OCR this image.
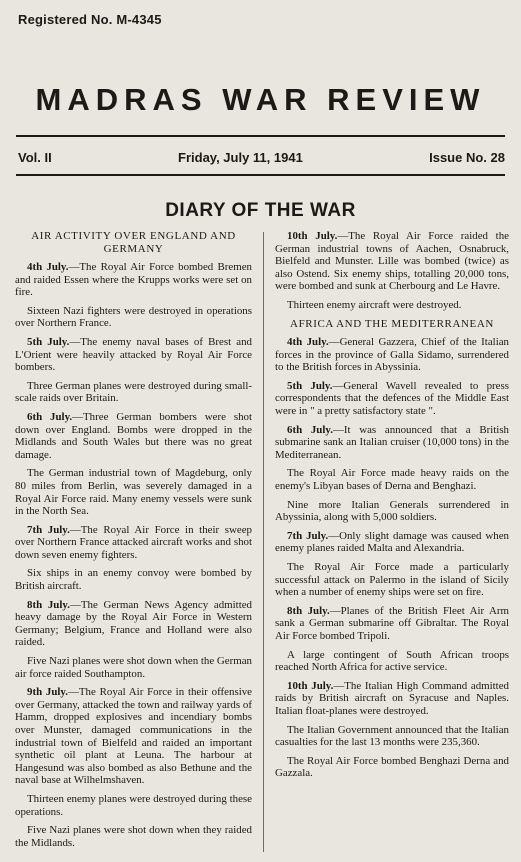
Registered No. M-4345
MADRAS WAR REVIEW
Vol. II	Friday, July 11, 1941	Issue No. 28
DIARY OF THE WAR
AIR ACTIVITY OVER ENGLAND AND GERMANY

4th July.—The Royal Air Force bombed Bremen and raided Essen where the Krupps works were set on fire.

Sixteen Nazi fighters were destroyed in operations over Northern France.

5th July.—The enemy naval bases of Brest and L'Orient were heavily attacked by Royal Air Force bombers.

Three German planes were destroyed during small-scale raids over Britain.

6th July.—Three German bombers were shot down over England. Bombs were dropped in the Midlands and South Wales but there was no great damage.

The German industrial town of Magdeburg, only 80 miles from Berlin, was severely damaged in a Royal Air Force raid. Many enemy vessels were sunk in the North Sea.

7th July.—The Royal Air Force in their sweep over Northern France attacked aircraft works and shot down seven enemy fighters.

Six ships in an enemy convoy were bombed by British aircraft.

8th July.—The German News Agency admitted heavy damage by the Royal Air Force in Western Germany; Belgium, France and Holland were also raided.

Five Nazi planes were shot down when the German air force raided Southampton.

9th July.—The Royal Air Force in their offensive over Germany, attacked the town and railway yards of Hamm, dropped explosives and incendiary bombs over Munster, damaged communications in the industrial town of Bielfeld and raided an important synthetic oil plant at Leuna. The harbour at Hangesund was also bombed as also Bethune and the naval base at Wilhelmshaven.

Thirteen enemy planes were destroyed during these operations.

Five Nazi planes were shot down when they raided the Midlands.

10th July.—The Royal Air Force raided the German industrial towns of Aachen, Osnabruck, Bielfeld and Munster. Lille was bombed (twice) as also Ostend. Six enemy ships, totalling 20,000 tons, were bombed and sunk at Cherbourg and Le Havre.

Thirteen enemy aircraft were destroyed.

AFRICA AND THE MEDITERRANEAN

4th July.—General Gazzera, Chief of the Italian forces in the province of Galla Sidamo, surrendered to the British forces in Abyssinia.

5th July.—General Wavell revealed to press correspondents that the defences of the Middle East were in " a pretty satisfactory state ".

6th July.—It was announced that a British submarine sank an Italian cruiser (10,000 tons) in the Mediterranean.

The Royal Air Force made heavy raids on the enemy's Libyan bases of Derna and Benghazi.

Nine more Italian Generals surrendered in Abyssinia, along with 5,000 soldiers.

7th July.—Only slight damage was caused when enemy planes raided Malta and Alexandria.

The Royal Air Force made a particularly successful attack on Palermo in the island of Sicily when a number of enemy ships were set on fire.

8th July.—Planes of the British Fleet Air Arm sank a German submarine off Gibraltar. The Royal Air Force bombed Tripoli.

A large contingent of South African troops reached North Africa for active service.

10th July.—The Italian High Command admitted raids by British aircraft on Syracuse and Naples. Italian float-planes were destroyed.

The Italian Government announced that the Italian casualties for the last 13 months were 235,360.

The Royal Air Force bombed Benghazi Derna and Gazzala.
